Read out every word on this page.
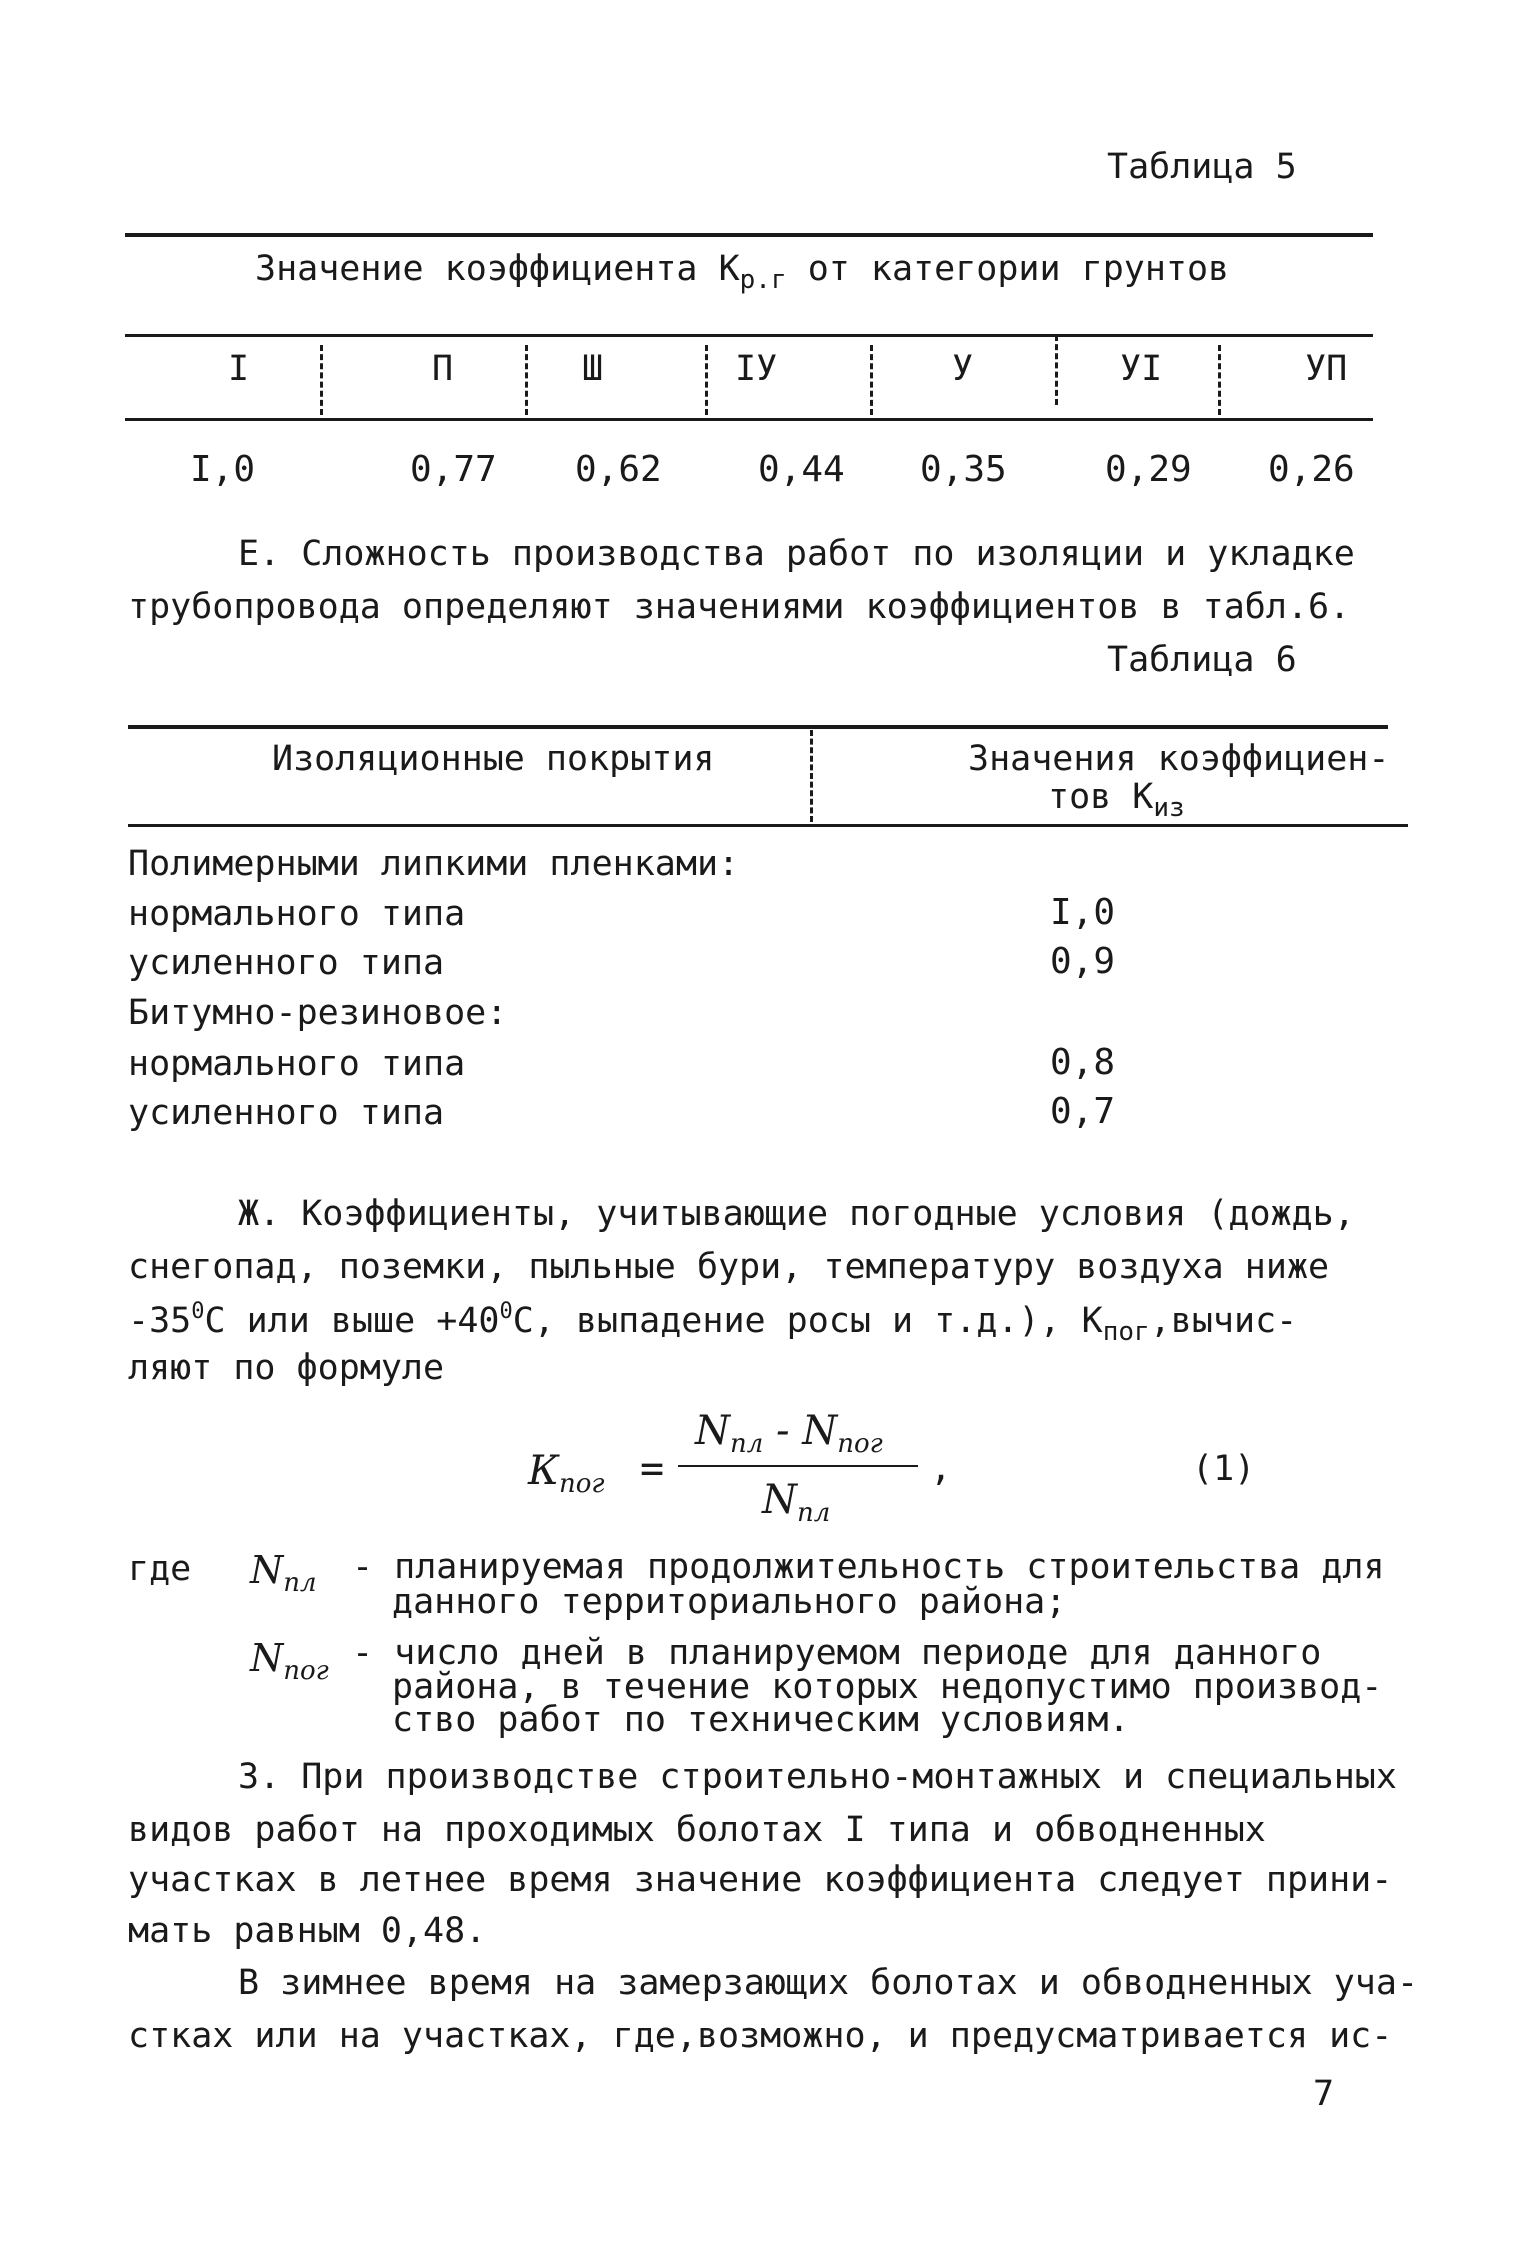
Таблица 5
Значение коэффициента $К_{р.г}$ от категории грунтов
I	П	Ш	IУ	У	УI	УП
I,0	0,77 0,62	0,44 0,35	0,29 0,26
Е. Сложность производства работ по изоляции и укладке
трубопровода определяют значениями коэффициентов в табл.6.
Таблица 6
Изоляционные покрытия	Значения коэффициен-
тов $К_{из}$
Полимерными липкими пленками:
нормального типа	I,0
усиленного типа	0,9
Битумно-резиновое:
нормального типа	0,8
усиленного типа	0,7
Ж. Коэффициенты, учитывающие погодные условия (дождь,
снегопад, поземки, пыльные бури, температуру воздуха ниже
$-35^0С$ или выше $+40^0С$, выпадение росы и т.д.), $К_{пог},вычис-$
ляют по формуле
$К_{пог}$ =
$N_{пл} - N_{пог}$
$N_{пл}$
,	(1)
где $N_{пл}$ - планируемая продолжительность строительства для
данного территориального района;
$N_{пог}$ - число дней в планируемом периоде для данного
района, в течение которых недопустимо производ-
ство работ по техническим условиям.
3. При производстве строительно-монтажных и специальных
видов работ на проходимых болотах I типа и обводненных
участках в летнее время значение коэффициента следует прини-
мать равным 0,48.
В зимнее время на замерзающих болотах и обводненных уча-
стках или на участках, где,возможно, и предусматривается ис-
7
